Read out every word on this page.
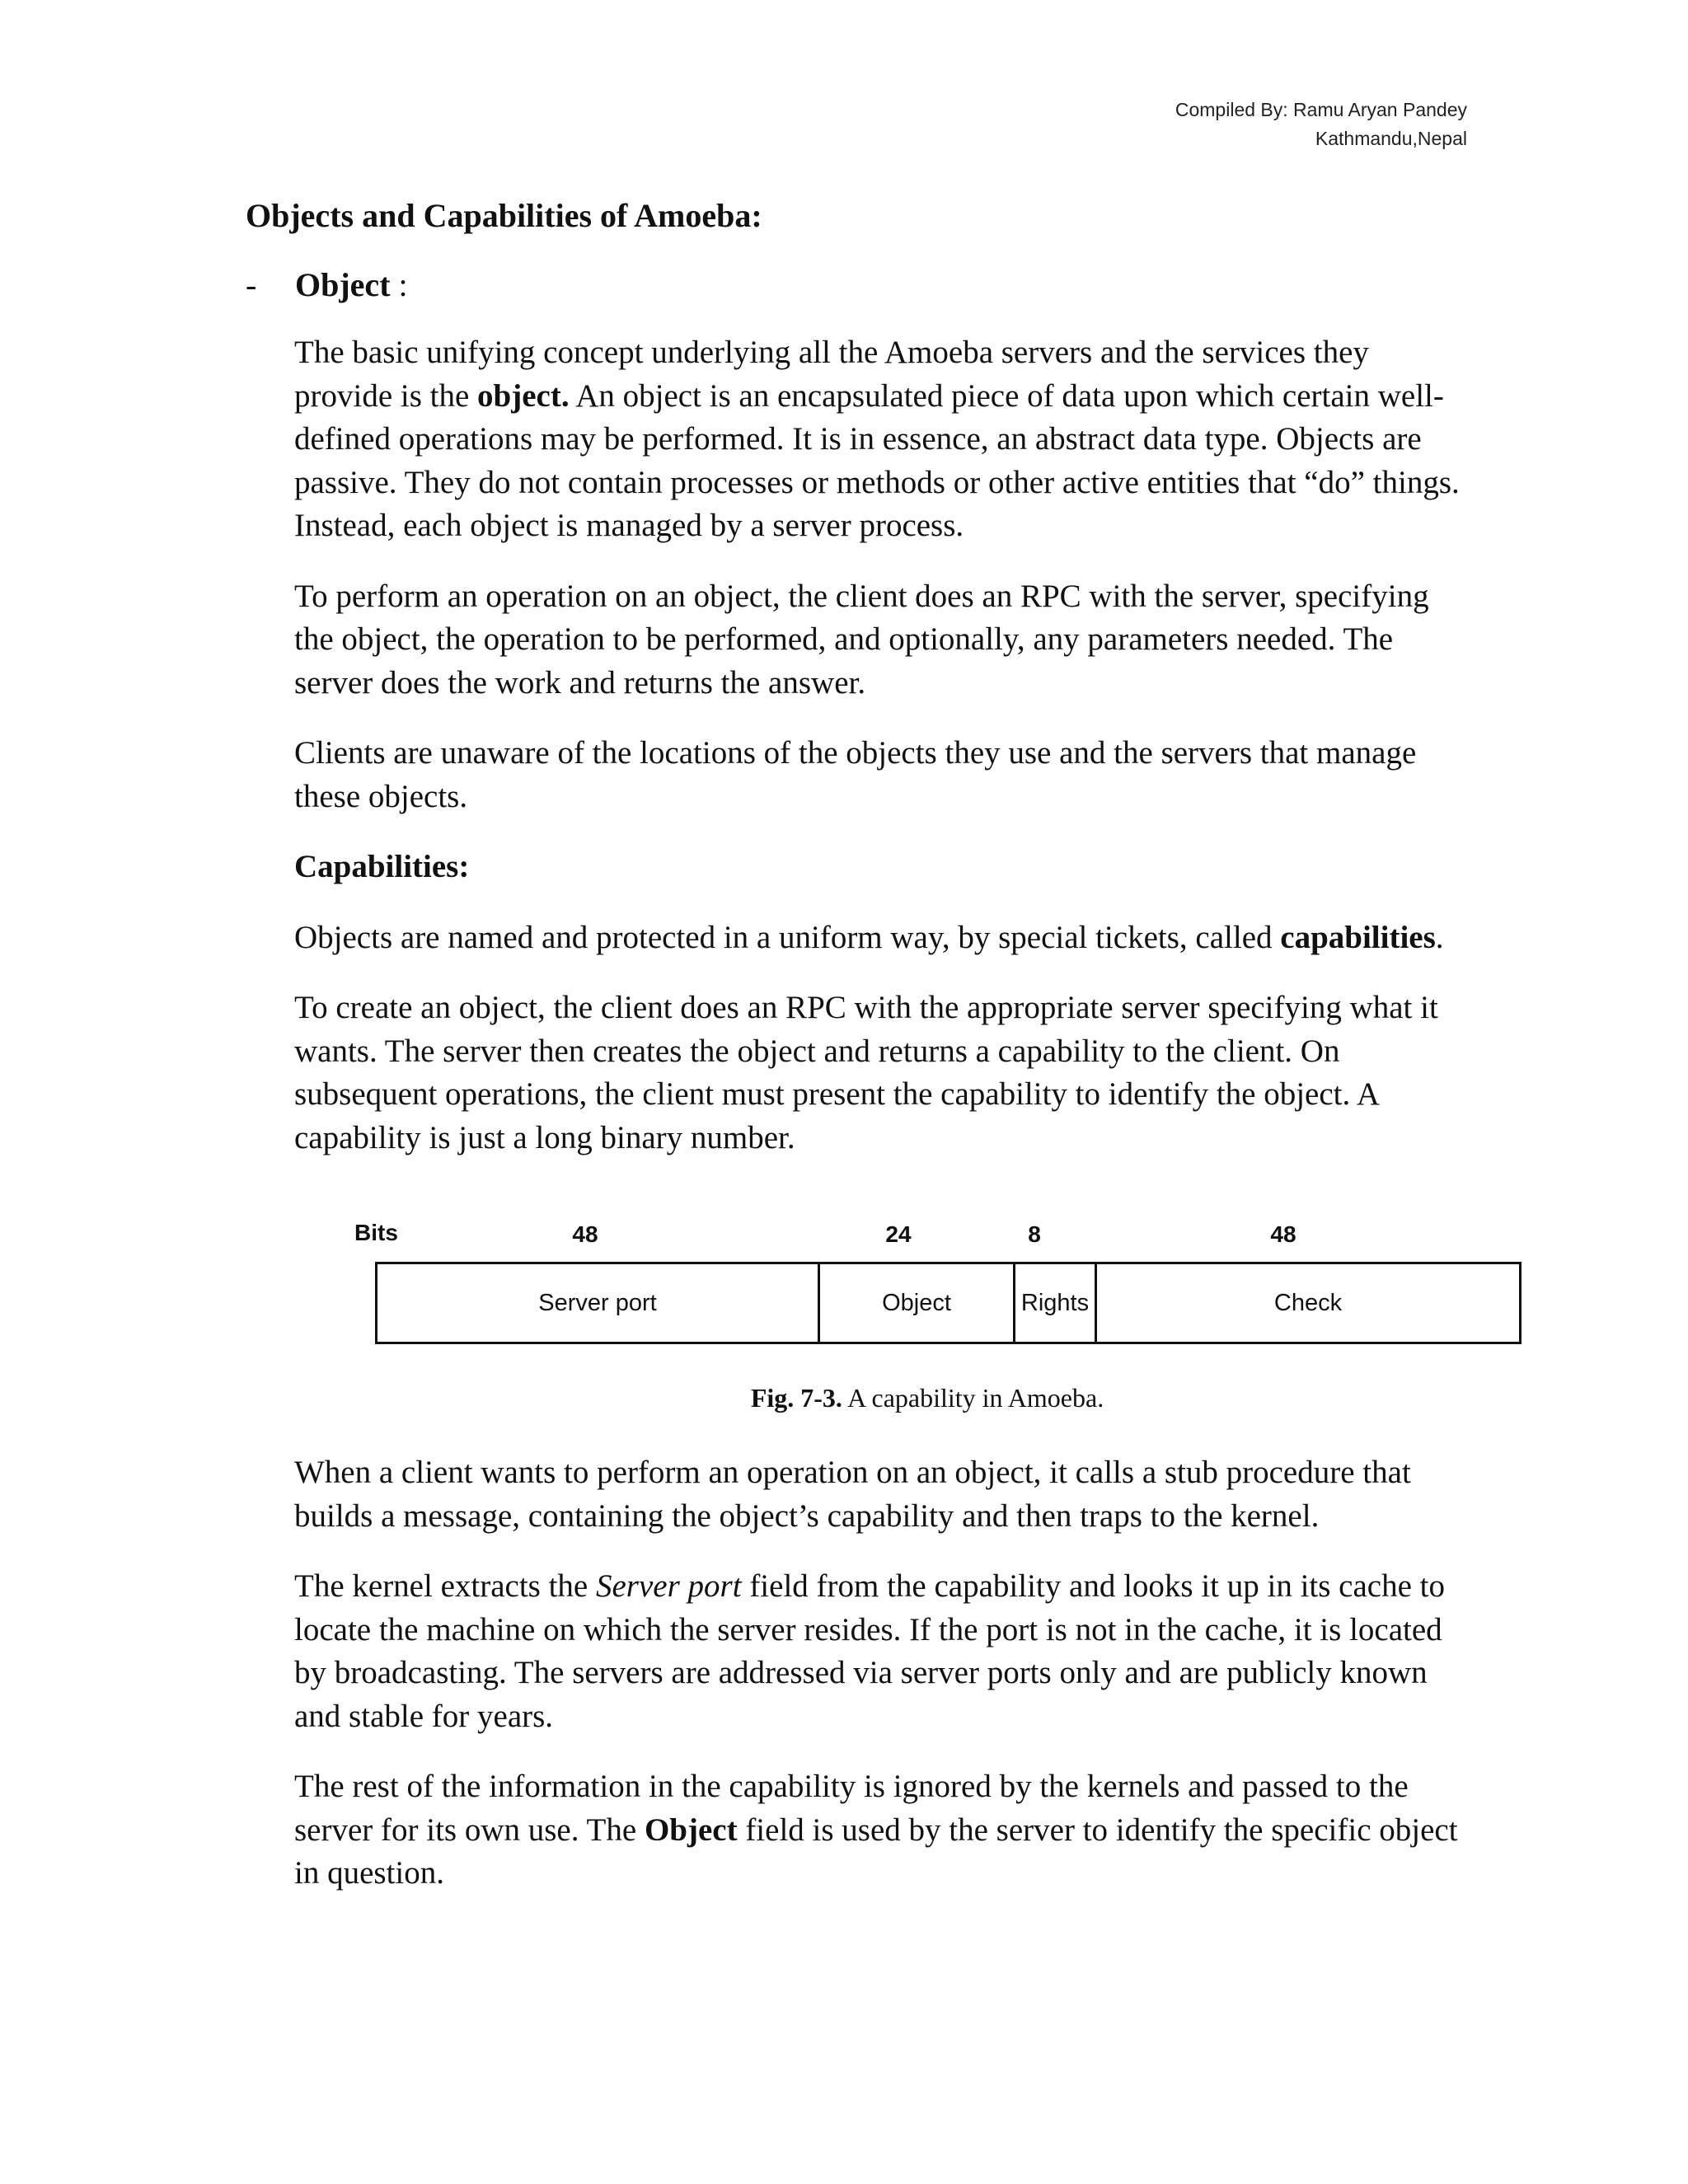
Compiled By: Ramu Aryan Pandey
Kathmandu,Nepal
Objects and Capabilities of Amoeba:
- Object :

The basic unifying concept underlying all the Amoeba servers and the services they provide is the object. An object is an encapsulated piece of data upon which certain well-defined operations may be performed. It is in essence, an abstract data type. Objects are passive. They do not contain processes or methods or other active entities that “do” things. Instead, each object is managed by a server process.

To perform an operation on an object, the client does an RPC with the server, specifying the object, the operation to be performed, and optionally, any parameters needed. The server does the work and returns the answer.

Clients are unaware of the locations of the objects they use and the servers that manage these objects.

Capabilities:

Objects are named and protected in a uniform way, by special tickets, called capabilities.

To create an object, the client does an RPC with the appropriate server specifying what it wants. The server then creates the object and returns a capability to the client. On subsequent operations, the client must present the capability to identify the object. A capability is just a long binary number.

Bits	48	24	8	48
Server port	Object	Rights	Check
Fig. 7-3. A capability in Amoeba.

When a client wants to perform an operation on an object, it calls a stub procedure that builds a message, containing the object’s capability and then traps to the kernel.

The kernel extracts the Server port field from the capability and looks it up in its cache to locate the machine on which the server resides. If the port is not in the cache, it is located by broadcasting. The servers are addressed via server ports only and are publicly known and stable for years.

The rest of the information in the capability is ignored by the kernels and passed to the server for its own use. The Object field is used by the server to identify the specific object in question.
